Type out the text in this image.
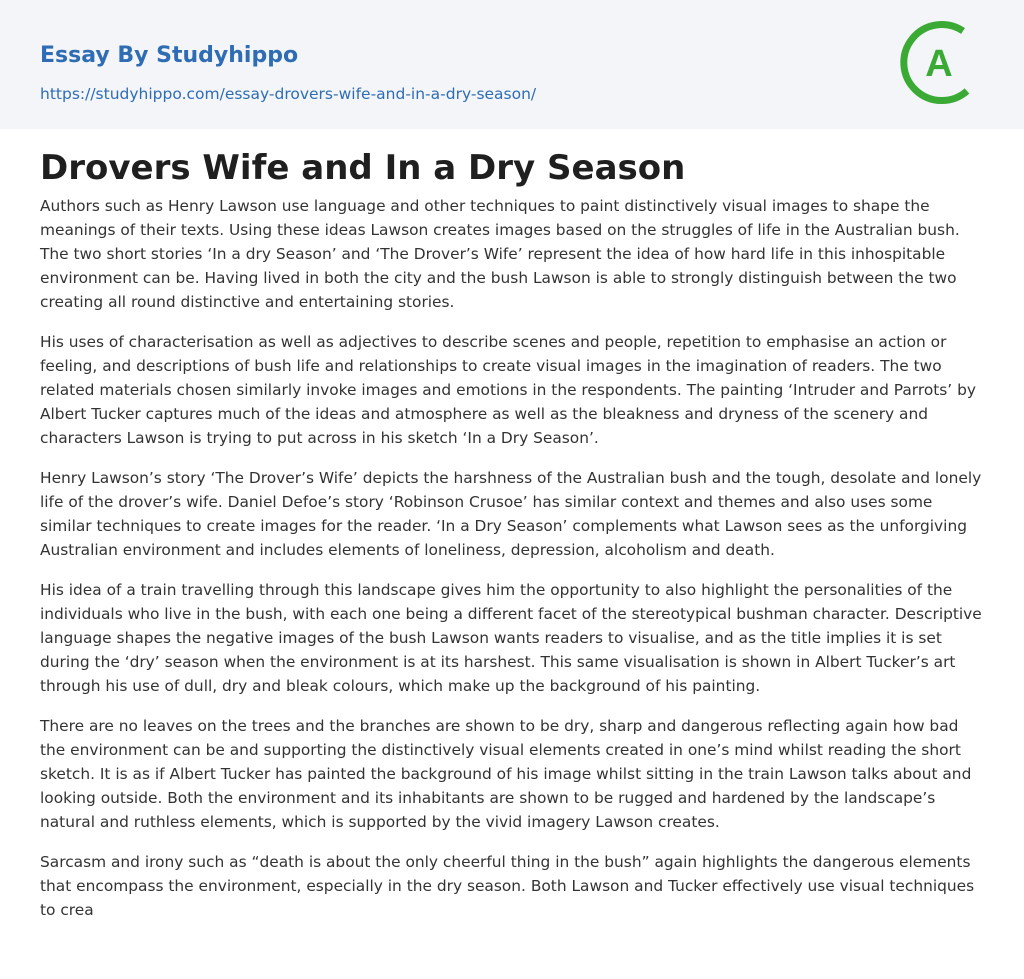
Essay By Studyhippo
https://studyhippo.com/essay-drovers-wife-and-in-a-dry-season/
A
Drovers Wife and In a Dry Season

Authors such as Henry Lawson use language and other techniques to paint distinctively visual images to shape the meanings of their texts. Using these ideas Lawson creates images based on the struggles of life in the Australian bush. The two short stories ‘In a dry Season’ and ‘The Drover’s Wife’ represent the idea of how hard life in this inhospitable environment can be. Having lived in both the city and the bush Lawson is able to strongly distinguish between the two creating all round distinctive and entertaining stories.

His uses of characterisation as well as adjectives to describe scenes and people, repetition to emphasise an action or feeling, and descriptions of bush life and relationships to create visual images in the imagination of readers. The two related materials chosen similarly invoke images and emotions in the respondents. The painting ‘Intruder and Parrots’ by Albert Tucker captures much of the ideas and atmosphere as well as the bleakness and dryness of the scenery and characters Lawson is trying to put across in his sketch ‘In a Dry Season’.

Henry Lawson’s story ‘The Drover’s Wife’ depicts the harshness of the Australian bush and the tough, desolate and lonely life of the drover’s wife. Daniel Defoe’s story ‘Robinson Crusoe’ has similar context and themes and also uses some similar techniques to create images for the reader. ‘In a Dry Season’ complements what Lawson sees as the unforgiving Australian environment and includes elements of loneliness, depression, alcoholism and death.

His idea of a train travelling through this landscape gives him the opportunity to also highlight the personalities of the individuals who live in the bush, with each one being a different facet of the stereotypical bushman character. Descriptive language shapes the negative images of the bush Lawson wants readers to visualise, and as the title implies it is set during the ‘dry’ season when the environment is at its harshest. This same visualisation is shown in Albert Tucker’s art through his use of dull, dry and bleak colours, which make up the background of his painting.

There are no leaves on the trees and the branches are shown to be dry, sharp and dangerous reflecting again how bad the environment can be and supporting the distinctively visual elements created in one’s mind whilst reading the short sketch. It is as if Albert Tucker has painted the background of his image whilst sitting in the train Lawson talks about and looking outside. Both the environment and its inhabitants are shown to be rugged and hardened by the landscape’s natural and ruthless elements, which is supported by the vivid imagery Lawson creates.

Sarcasm and irony such as “death is about the only cheerful thing in the bush” again highlights the dangerous elements that encompass the environment, especially in the dry season. Both Lawson and Tucker effectively use visual techniques to crea
